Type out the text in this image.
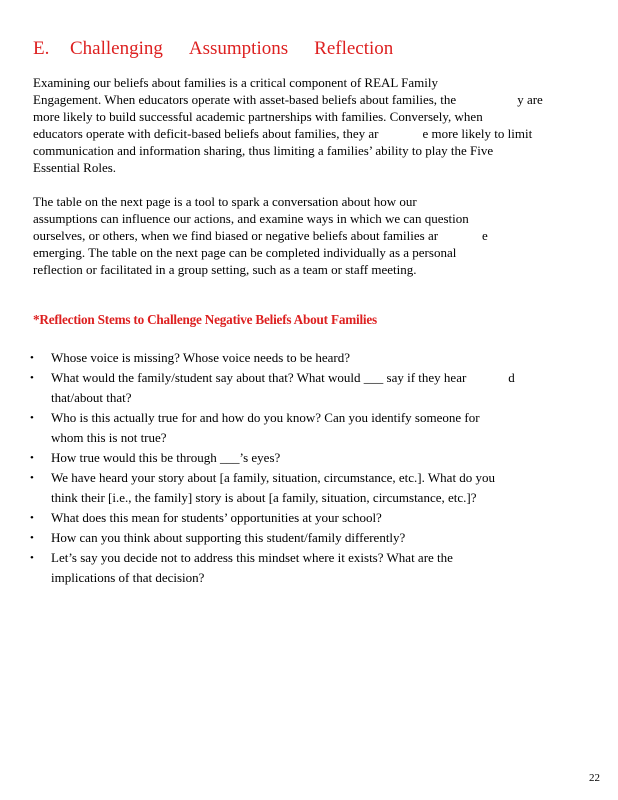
E.	Challenging Assumptions Reflection

Examining our beliefs about families is a critical component of REAL Family
Engagement. When educators operate with asset-based beliefs about families, the	y are
more likely to build successful academic partnerships with families. Conversely, when
educators operate with deficit-based beliefs about families, they ar	e more likely to limit
communication and information sharing, thus limiting a families’ ability to play the Five
Essential Roles.

The table on the next page is a tool to spark a conversation about how our
assumptions can influence our actions, and examine ways in which we can question
ourselves, or others, when we find biased or negative beliefs about families ar	e
emerging. The table on the next page can be completed individually as a personal
reflection or facilitated in a group setting, such as a team or staff meeting.

*Reflection Stems to Challenge Negative Beliefs About Families
• Whose voice is missing? Whose voice needs to be heard?
• What would the family/student say about that? What would ___ say if they hear	d
that/about that?
• Who is this actually true for and how do you know? Can you identify someone for
whom this is not true?
• How true would this be through ___’s eyes?
• We have heard your story about [a family, situation, circumstance, etc.]. What do you
think their [i.e., the family] story is about [a family, situation, circumstance, etc.]?
• What does this mean for students’ opportunities at your school?
• How can you think about supporting this student/family differently?
• Let’s say you decide not to address this mindset where it exists? What are the
implications of that decision?
22
